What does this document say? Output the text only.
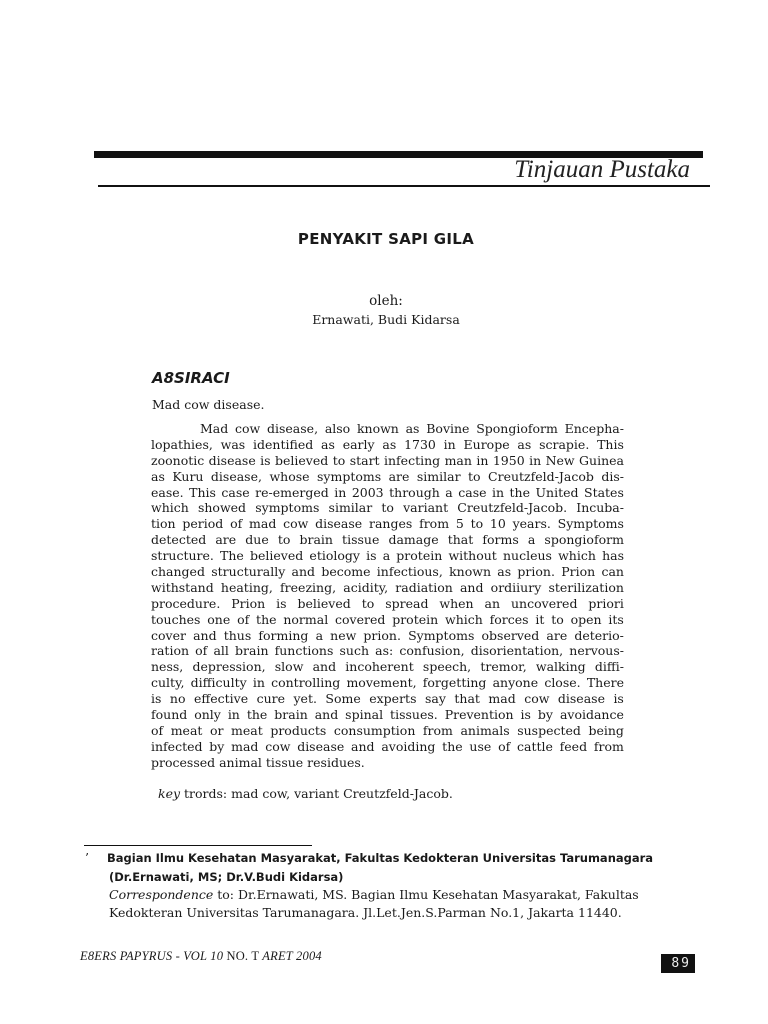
Tinjauan Pustaka
PENYAKIT SAPI GILA
oleh:
Ernawati, Budi Kidarsa
A8SIRACI
Mad cow disease.
Mad cow disease, also known as Bovine Spongioform Encepha-
lopathies, was identified as early as 1730 in Europe as scrapie. This
zoonotic disease is believed to start infecting man in 1950 in New Guinea
as Kuru disease, whose symptoms are similar to Creutzfeld-Jacob dis-
ease. This case re-emerged in 2003 through a case in the United States
which showed symptoms similar to variant Creutzfeld-Jacob. Incuba-
tion period of mad cow disease ranges from 5 to 10 years. Symptoms
detected are due to brain tissue damage that forms a spongioform
structure. The believed etiology is a protein without nucleus which has
changed structurally and become infectious, known as prion. Prion can
withstand heating, freezing, acidity, radiation and ordiiury sterilization
procedure. Prion is believed to spread when an uncovered priori
touches one of the normal covered protein which forces it to open its
cover and thus forming a new prion. Symptoms observed are deterio-
ration of all brain functions such as: confusion, disorientation, nervous-
ness, depression, slow and incoherent speech, tremor, walking diffi-
culty, difficulty in controlling movement, forgetting anyone close. There
is no effective cure yet. Some experts say that mad cow disease is
found only in the brain and spinal tissues. Prevention is by avoidance
of meat or meat products consumption from animals suspected being
infected by mad cow disease and avoiding the use of cattle feed from
processed animal tissue residues.
key trords: mad cow, variant Creutzfeld-Jacob.
’ Bagian Ilmu Kesehatan Masyarakat, Fakultas Kedokteran Universitas Tarumanagara
(Dr.Ernawati, MS; Dr.V.Budi Kidarsa)
Correspondence to: Dr.Ernawati, MS. Bagian Ilmu Kesehatan Masyarakat, Fakultas
Kedokteran Universitas Tarumanagara. Jl.Let.Jen.S.Parman No.1, Jakarta 11440.
E8ERS PAPYRUS - VOL 10 NO. T ARET 2004	89
